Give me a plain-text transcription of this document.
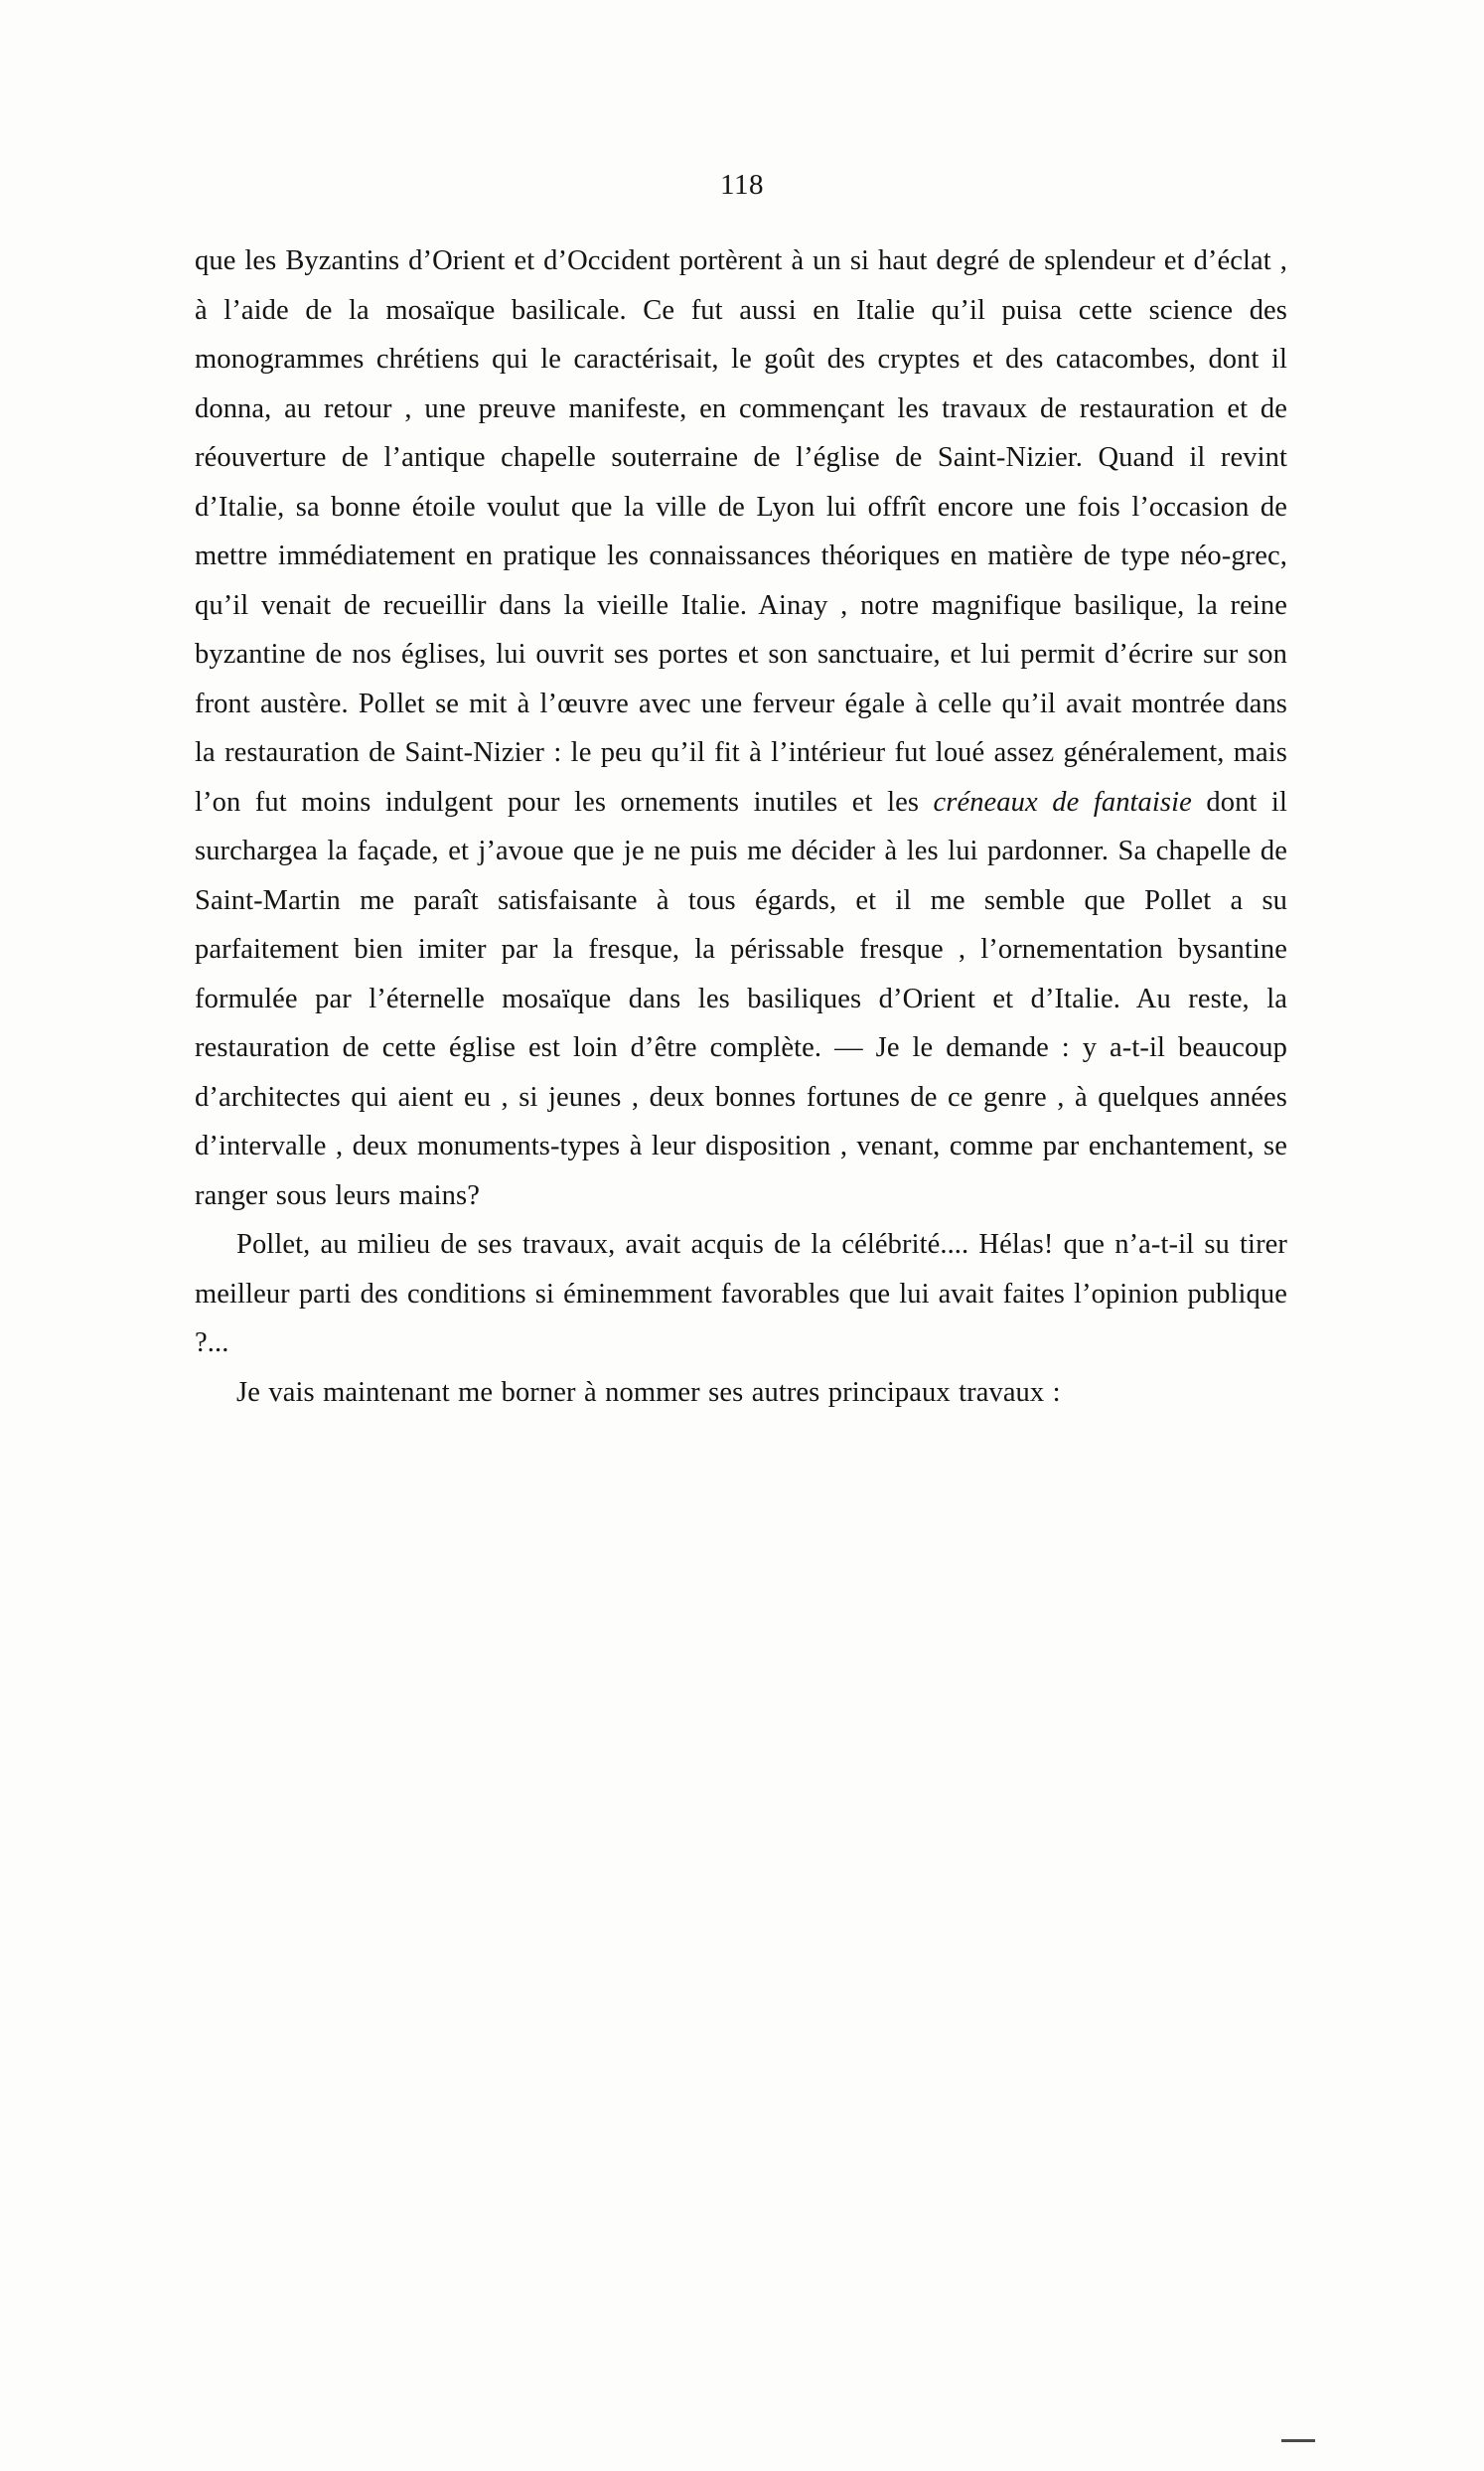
118

que les Byzantins d’Orient et d’Occident portèrent à un si haut degré de splendeur et d’éclat , à l’aide de la mosaïque basilicale. Ce fut aussi en Italie qu’il puisa cette science des monogrammes chrétiens qui le caractérisait, le goût des cryptes et des catacombes, dont il donna, au retour , une preuve manifeste, en commençant les travaux de restauration et de réouverture de l’antique chapelle souterraine de l’église de Saint-Nizier. Quand il revint d’Italie, sa bonne étoile voulut que la ville de Lyon lui offrît encore une fois l’occasion de mettre immédiatement en pratique les connaissances théoriques en matière de type néo-grec, qu’il venait de recueillir dans la vieille Italie. Ainay , notre magnifique basilique, la reine byzantine de nos églises, lui ouvrit ses portes et son sanctuaire, et lui permit d’écrire sur son front austère. Pollet se mit à l’œuvre avec une ferveur égale à celle qu’il avait montrée dans la restauration de Saint-Nizier : le peu qu’il fit à l’intérieur fut loué assez généralement, mais l’on fut moins indulgent pour les ornements inutiles et les créneaux de fantaisie dont il surchargea la façade, et j’avoue que je ne puis me décider à les lui pardonner. Sa chapelle de Saint-Martin me paraît satisfaisante à tous égards, et il me semble que Pollet a su parfaitement bien imiter par la fresque, la périssable fresque , l’ornementation bysantine formulée par l’éternelle mosaïque dans les basiliques d’Orient et d’Italie. Au reste, la restauration de cette église est loin d’être complète. — Je le demande : y a-t-il beaucoup d’architectes qui aient eu , si jeunes , deux bonnes fortunes de ce genre , à quelques années d’intervalle , deux monuments-types à leur disposition , venant, comme par enchantement, se ranger sous leurs mains?

Pollet, au milieu de ses travaux, avait acquis de la célébrité.... Hélas! que n’a-t-il su tirer meilleur parti des conditions si éminemment favorables que lui avait faites l’opinion publique ?...

Je vais maintenant me borner à nommer ses autres principaux travaux :
